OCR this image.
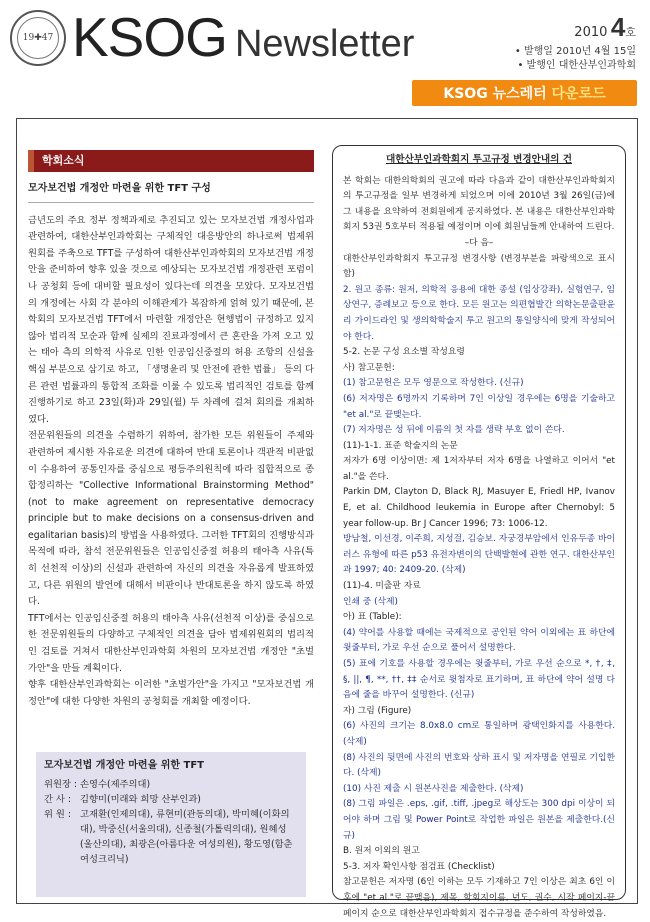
19 ✚ 47 KSOG Newsletter	2010 4호
• 발행일 2010년 4월 15일
• 발행인 대한산부인과학회
KSOG 뉴스레터
다운로드
학회소식
모자보건법 개정안 마련을 위한 TFT 구성

금년도의 주요 정부 정책과제로 추진되고 있는 모자보건법 개정사업과 관련하여, 대한산부인과학회는 구체적인 대응방안의 하나로써 법제위원회를 주축으로 TFT를 구성하여 대한산부인과학회의 모자보건법 개정안을 준비하여 향후 있을 것으로 예상되는 모자보건법 개정관련 포럼이나 공청회 등에 대비할 필요성이 있다는데 의견을 모았다. 모자보건법의 개정에는 사회 각 분야의 이해관계가 복잡하게 얽혀 있기 때문에, 본 학회의 모자보건법 TFT에서 마련할 개정안은 현행법이 규정하고 있지 않아 법리적 모순과 함께 실제의 진료과정에서 큰 혼란을 가져 오고 있는 태아 측의 의학적 사유로 인한 인공임신중절의 허용 조항의 신설을 핵심 부분으로 삼기로 하고, 「생명윤리 및 안전에 관한 법률」 등의 다른 관련 법률과의 통합적 조화를 이룰 수 있도록 법리적인 검토를 함께 진행하기로 하고 23일(화)과 29일(월) 두 차례에 걸쳐 회의를 개최하였다.

전문위원들의 의견을 수렴하기 위하여, 참가한 모든 위원들이 주제와 관련하여 제시한 자유로운 의견에 대하여 반대 토론이나 객관적 비판없이 수용하여 공통인자를 중심으로 평등주의원칙에 따라 집합적으로 종합정리하는 "Collective Informational Brainstorming Method"(not to make agreement on representative democracy principle but to make decisions on a consensus-driven and egalitarian basis)의 방법을 사용하였다. 그러한 TFT회의 진행방식과 목적에 따라, 참석 전문위원들은 인공임신중절 허용의 태아측 사유(특히 선천적 이상)의 신설과 관련하여 자신의 의견을 자유롭게 발표하였고, 다른 위원의 발언에 대해서 비판이나 반대토론을 하지 않도록 하였다.

TFT에서는 인공임신중절 허용의 태아측 사유(선천적 이상)를 중심으로 한 전문위원들의 다양하고 구체적인 의견을 담아 법제위원회의 법리적인 검토를 거쳐서 대한산부인과학회 차원의 모자보건법 개정안 "초벌 가안"을 만들 계획이다.

향후 대한산부인과학회는 이러한 "초벌가안"을 가지고 "모자보건법 개정안"에 대한 다양한 차원의 공청회를 개최할 예정이다.

모자보건법 개정안 마련을 위한 TFT
위원장 : 손영수(제주의대)
간 사 : 김향미(미래와 희망 산부인과)
위 원 : 고재환(인제의대), 류현미(관동의대), 박미혜(이화의대), 박중신(서울의대), 신종철(가톨릭의대), 원혜성(울산의대), 최광은(아름다운 여성의원), 황도영(함춘 여성크리닉)
대한산부인과학회지 투고규정 변경안내의 건

본 학회는 대한의학회의 권고에 따라 다음과 같이 대한산부인과학회지의 투고규정을 일부 변경하게 되었으며 이에 2010년 3월 26일(금)에 그 내용을 요약하여 전회원에게 공지하였다. 본 내용은 대한산부인과학회지 53권 5호부터 적용될 예정이며 이에 회원님들께 안내하여 드린다.

–다 음–

대한산부인과학회지 투고규정 변경사항 (변경부분을 파랑색으로 표시함)

2. 원고 종류: 원저, 의학적 응용에 대한 종설 (임상강좌), 실험연구, 임상연구, 증례보고 등으로 한다. 모든 원고는 의편협발간 의학논문출판윤리 가이드라인 및 생의학학술지 투고 원고의 통일양식에 맞게 작성되어야 한다.

5-2. 논문 구성 요소별 작성요령

사) 참고문헌:

(1) 참고문헌은 모두 영문으로 작성한다. (신규)

(6) 저자명은 6명까지 기록하며 7인 이상일 경우에는 6명을 기술하고 "et al."로 끝맺는다.

(7) 저자명은 성 뒤에 이름의 첫 자를 생략 부호 없이 쓴다.

(11)-1-1. 표준 학술지의 논문

저자가 6명 이상이면: 제 1저자부터 저자 6명을 나열하고 이어서 "et al."을 쓴다.

Parkin DM, Clayton D, Black RJ, Masuyer E, Friedl HP, Ivanov E, et al. Childhood leukemia in Europe after Chernobyl: 5 year follow-up. Br J Cancer 1996; 73: 1006-12.

방남철, 이선경, 이주희, 지성걸, 김승보. 자궁경부암에서 인유두종 바이러스 유형에 따른 p53 유전자변이의 단백발현에 관한 연구. 대한산부인과 1997; 40: 2409-20. (삭제)

(11)-4. 미출판 자료

인쇄 중 (삭제)

아) 표 (Table):

(4) 약어를 사용할 때에는 국제적으로 공인된 약어 이외에는 표 하단에 윗줄부터, 가로 우선 순으로 풀어서 설명한다.

(5) 표에 기호를 사용할 경우에는 윗줄부터, 가로 우선 순으로 *, †, ‡, §, ||, ¶, **, ††, ‡‡ 순서로 윗첨자로 표기하며, 표 하단에 약어 설명 다음에 줄을 바꾸어 설명한다. (신규)

자) 그림 (Figure)

(6) 사진의 크기는 8.0x8.0 cm로 통일하며 광택인화지를 사용한다. (삭제)

(8) 사진의 뒷면에 사진의 번호와 상하 표시 및 저자명을 연필로 기입한다. (삭제)

(10) 사진 제출 시 원본사진을 제출한다. (삭제)

(8) 그림 파일은 .eps, .gif, .tiff, .jpeg로 해상도는 300 dpi 이상이 되어야 하며 그림 및 Power Point로 작업한 파일은 원본을 제출한다.(신규)

B. 원저 이외의 원고

5-3. 저자 확인사항 점검표 (Checklist)

참고문헌은 저자명 (6인 이하는 모두 기재하고 7인 이상은 최초 6인 이후에 "et al."로 끝맺음), 제목, 학회지이름, 년도, 권수, 시작 페이지-끝 페이지 순으로 대한산부인과학회지 접수규정을 준수하여 작성하였음.
